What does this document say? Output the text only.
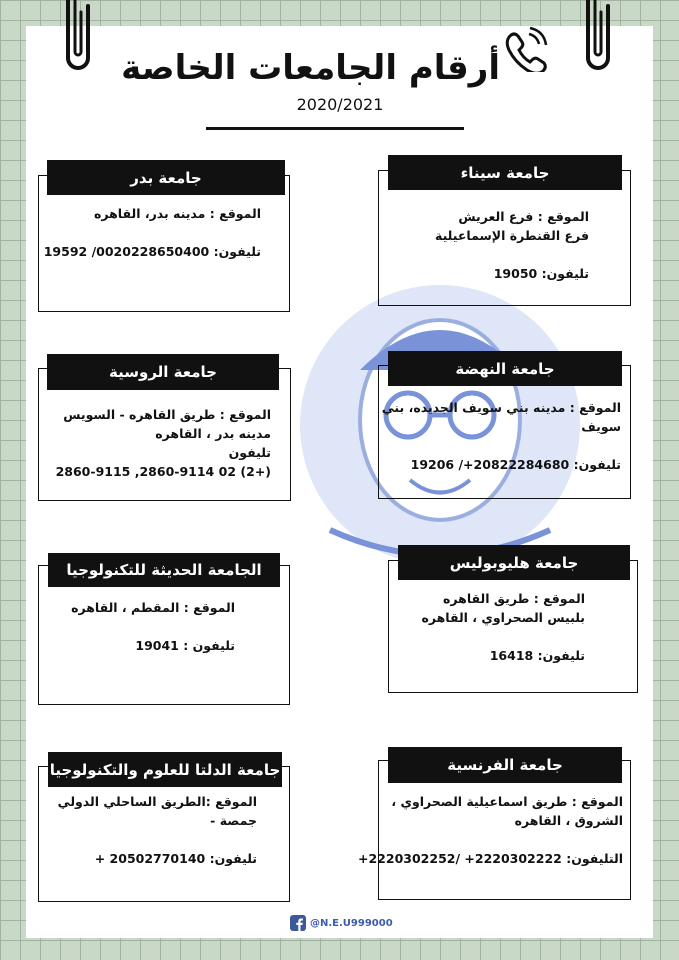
أرقام الجامعات الخاصة
2020/2021
جامعة بدر
الموقع : مدينه بدر، القاهره
تليفون: 0020228650400/ 19592
جامعة سيناء
الموقع : فرع العريش
فرع القنطرة الإسماعيلية
تليفون: 19050
جامعة الروسية
الموقع : طريق القاهره - السويس
مدينه بدر ، القاهره
تليفون
(+2) 02 2860-9114, 2860-9115
جامعة النهضة
الموقع : مدينه بني سويف الجديده، بني
سويف
تليفون: 20822284680+/ 19206
الجامعة الحديثة للتكنولوجيا
الموقع : المقطم ، القاهره
تليفون : 19041
جامعة هليوبوليس
الموقع : طريق القاهره
بلبيس الصحراوي ، القاهره
تليفون: 16418
جامعة الدلتا للعلوم والتكنولوجيا
الموقع :الطريق الساحلي الدولي
جمصة -
تليفون: 20502770140 +
جامعة الفرنسية
الموقع : طريق اسماعيلية الصحراوي ،
الشروق ، القاهره
التليفون: 2220302222+ /2220302252+
@N.E.U999000
